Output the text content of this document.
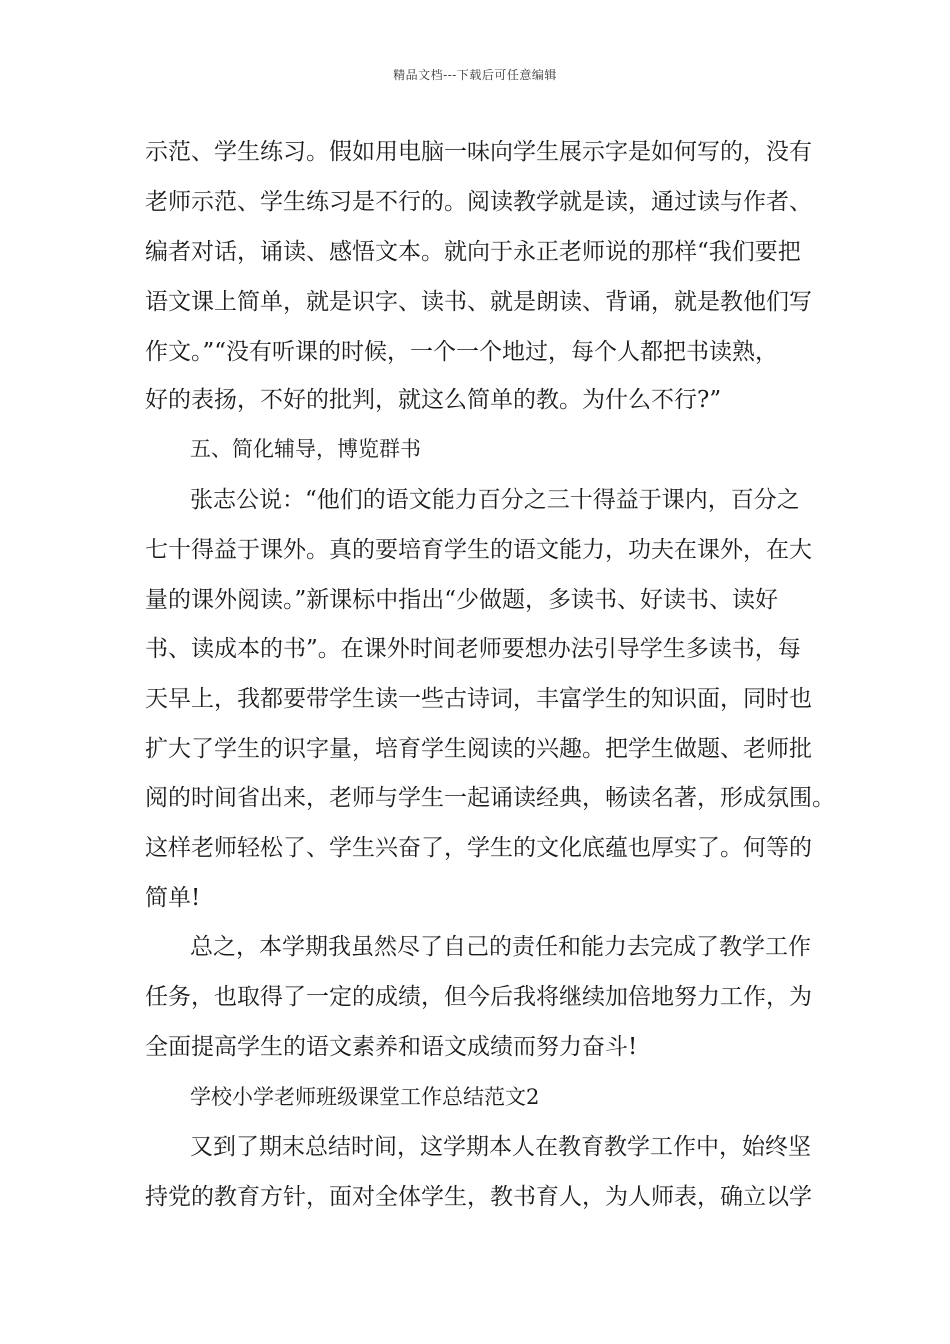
精品文档---下载后可任意编辑
示范、学生练习。假如用电脑一味向学生展示字是如何写的，没有
老师示范、学生练习是不行的。阅读教学就是读，通过读与作者、
编者对话，诵读、感悟文本。就向于永正老师说的那样“我们要把
语文课上简单，就是识字、读书、就是朗读、背诵，就是教他们写
作文。”“没有听课的时候，一个一个地过，每个人都把书读熟，
好的表扬，不好的批判，就这么简单的教。为什么不行?”
五、简化辅导，博览群书
张志公说：“他们的语文能力百分之三十得益于课内，百分之
七十得益于课外。真的要培育学生的语文能力，功夫在课外，在大
量的课外阅读。”新课标中指出“少做题，多读书、好读书、读好
书、读成本的书”。在课外时间老师要想办法引导学生多读书，每
天早上，我都要带学生读一些古诗词，丰富学生的知识面，同时也
扩大了学生的识字量，培育学生阅读的兴趣。把学生做题、老师批
阅的时间省出来，老师与学生一起诵读经典，畅读名著，形成氛围。
这样老师轻松了、学生兴奋了，学生的文化底蕴也厚实了。何等的
简单!
总之，本学期我虽然尽了自己的责任和能力去完成了教学工作
任务，也取得了一定的成绩，但今后我将继续加倍地努力工作，为
全面提高学生的语文素养和语文成绩而努力奋斗!
学校小学老师班级课堂工作总结范文2
又到了期末总结时间，这学期本人在教育教学工作中，始终坚
持党的教育方针，面对全体学生，教书育人，为人师表，确立以学
